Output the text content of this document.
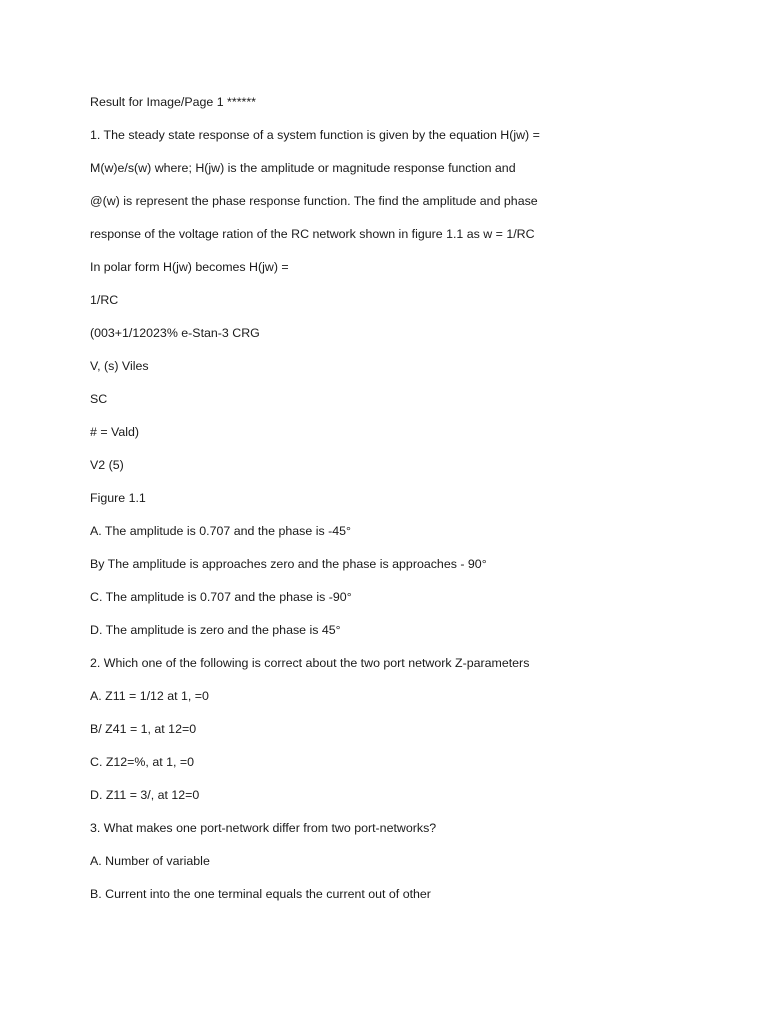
Result for Image/Page 1 ******
1. The steady state response of a system function is given by the equation H(jw) =
M(w)e/s(w) where; H(jw) is the amplitude or magnitude response function and
@(w) is represent the phase response function. The find the amplitude and phase
response of the voltage ration of the RC network shown in figure 1.1 as w = 1/RC
In polar form H(jw) becomes H(jw) =
1/RC
(003+1/12023% e-Stan-3 CRG
V, (s) Viles
SC
# = Vald)
V2 (5)
Figure 1.1
A. The amplitude is 0.707 and the phase is -45°
By The amplitude is approaches zero and the phase is approaches - 90°
C. The amplitude is 0.707 and the phase is -90°
D. The amplitude is zero and the phase is 45°
2. Which one of the following is correct about the two port network Z-parameters
A. Z11 = 1/12 at 1, =0
B/ Z41 = 1, at 12=0
C. Z12=%, at 1, =0
D. Z11 = 3/, at 12=0
3. What makes one port-network differ from two port-networks?
A. Number of variable
B. Current into the one terminal equals the current out of other
